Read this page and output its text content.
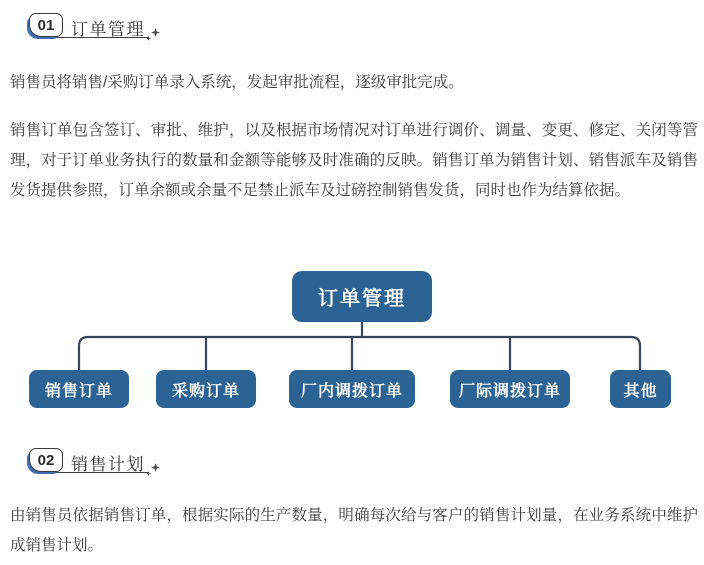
01 订单管理
销售员将销售/采购订单录入系统，发起审批流程，逐级审批完成。
销售订单包含签订、审批、维护，以及根据市场情况对订单进行调价、调量、变更、修定、关闭等管理，对于订单业务执行的数量和金额等能够及时准确的反映。销售订单为销售计划、销售派车及销售发货提供参照，订单余额或余量不足禁止派车及过磅控制销售发货，同时也作为结算依据。
订单管理
销售订单	采购订单	厂内调拨订单	厂际调拨订单	其他
02 销售计划
由销售员依据销售订单，根据实际的生产数量，明确每次给与客户的销售计划量，在业务系统中维护成销售计划。
